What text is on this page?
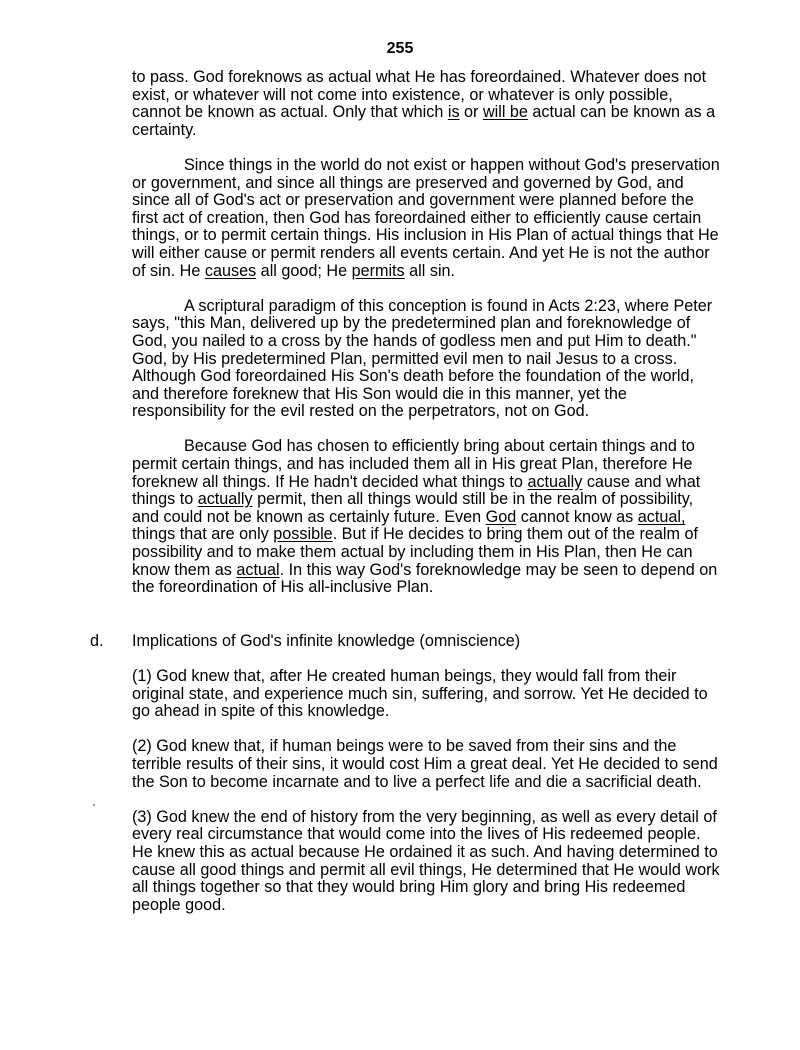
255

to pass. God foreknows as actual what He has foreordained. Whatever does not exist, or whatever will not come into existence, or whatever is only possible, cannot be known as actual. Only that which is or will be actual can be known as a certainty.

Since things in the world do not exist or happen without God's preservation or government, and since all things are preserved and governed by God, and since all of God's act or preservation and government were planned before the first act of creation, then God has foreordained either to efficiently cause certain things, or to permit certain things. His inclusion in His Plan of actual things that He will either cause or permit renders all events certain. And yet He is not the author of sin. He causes all good; He permits all sin.

A scriptural paradigm of this conception is found in Acts 2:23, where Peter says, "this Man, delivered up by the predetermined plan and foreknowledge of God, you nailed to a cross by the hands of godless men and put Him to death." God, by His predetermined Plan, permitted evil men to nail Jesus to a cross. Although God foreordained His Son's death before the foundation of the world, and therefore foreknew that His Son would die in this manner, yet the responsibility for the evil rested on the perpetrators, not on God.

Because God has chosen to efficiently bring about certain things and to permit certain things, and has included them all in His great Plan, therefore He foreknew all things. If He hadn't decided what things to actually cause and what things to actually permit, then all things would still be in the realm of possibility, and could not be known as certainly future. Even God cannot know as actual, things that are only possible. But if He decides to bring them out of the realm of possibility and to make them actual by including them in His Plan, then He can know them as actual. In this way God's foreknowledge may be seen to depend on the foreordination of His all-inclusive Plan.

d. Implications of God's infinite knowledge (omniscience)

(1) God knew that, after He created human beings, they would fall from their original state, and experience much sin, suffering, and sorrow. Yet He decided to go ahead in spite of this knowledge.

(2) God knew that, if human beings were to be saved from their sins and the terrible results of their sins, it would cost Him a great deal. Yet He decided to send the Son to become incarnate and to live a perfect life and die a sacrificial death.

(3) God knew the end of history from the very beginning, as well as every detail of every real circumstance that would come into the lives of His redeemed people. He knew this as actual because He ordained it as such. And having determined to cause all good things and permit all evil things, He determined that He would work all things together so that they would bring Him glory and bring His redeemed people good.
